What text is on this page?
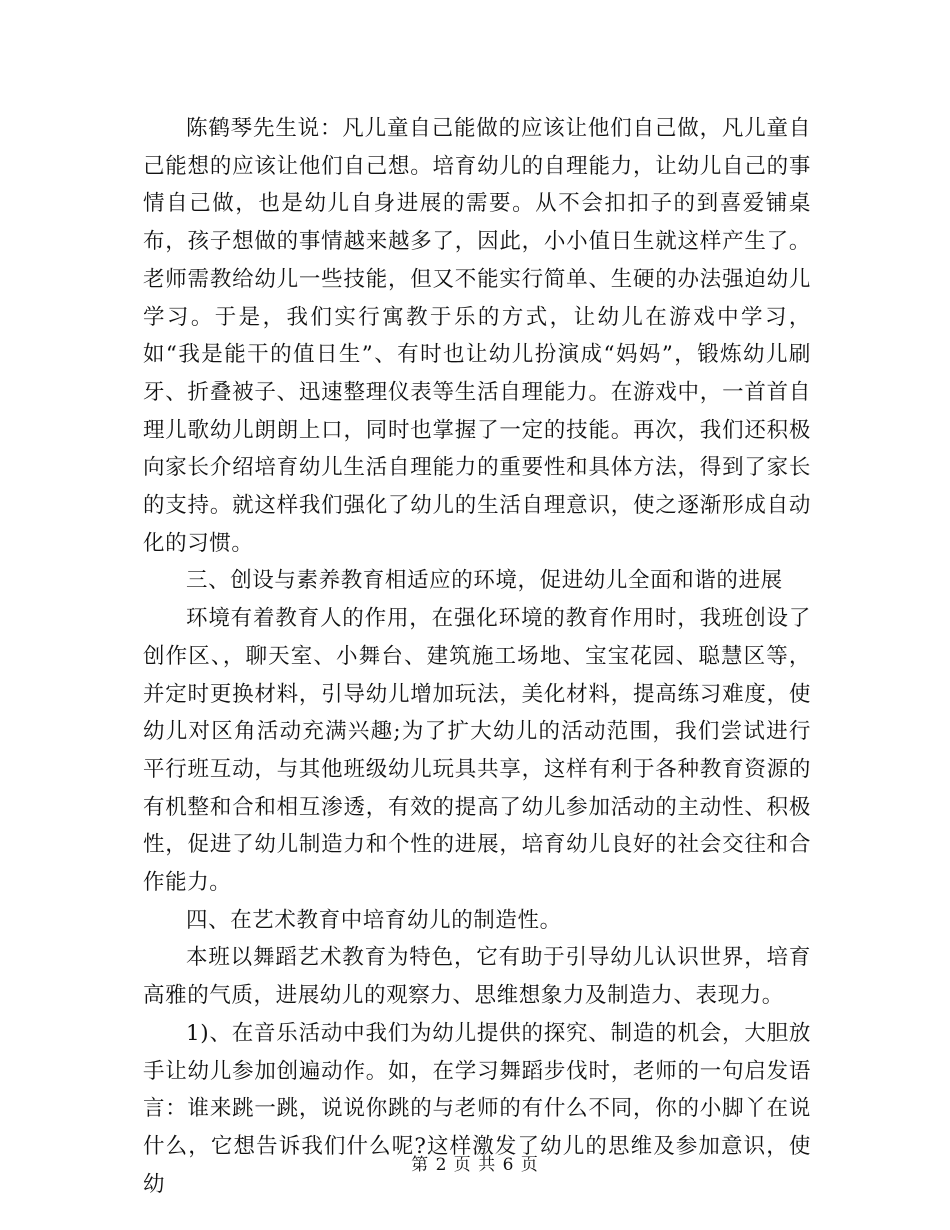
陈鹤琴先生说：凡儿童自己能做的应该让他们自己做，凡儿童自己能想的应该让他们自己想。培育幼儿的自理能力，让幼儿自己的事情自己做，也是幼儿自身进展的需要。从不会扣扣子的到喜爱铺桌布，孩子想做的事情越来越多了，因此，小小值日生就这样产生了。老师需教给幼儿一些技能，但又不能实行简单、生硬的办法强迫幼儿学习。于是，我们实行寓教于乐的方式，让幼儿在游戏中学习，如“我是能干的值日生”、有时也让幼儿扮演成“妈妈”，锻炼幼儿刷牙、折叠被子、迅速整理仪表等生活自理能力。在游戏中，一首首自理儿歌幼儿朗朗上口，同时也掌握了一定的技能。再次，我们还积极向家长介绍培育幼儿生活自理能力的重要性和具体方法，得到了家长的支持。就这样我们强化了幼儿的生活自理意识，使之逐渐形成自动化的习惯。

三、创设与素养教育相适应的环境，促进幼儿全面和谐的进展

环境有着教育人的作用，在强化环境的教育作用时，我班创设了创作区、，聊天室、小舞台、建筑施工场地、宝宝花园、聪慧区等，并定时更换材料，引导幼儿增加玩法，美化材料，提高练习难度，使幼儿对区角活动充满兴趣;为了扩大幼儿的活动范围，我们尝试进行平行班互动，与其他班级幼儿玩具共享，这样有利于各种教育资源的有机整和合和相互渗透，有效的提高了幼儿参加活动的主动性、积极性，促进了幼儿制造力和个性的进展，培育幼儿良好的社会交往和合作能力。

四、在艺术教育中培育幼儿的制造性。

本班以舞蹈艺术教育为特色，它有助于引导幼儿认识世界，培育高雅的气质，进展幼儿的观察力、思维想象力及制造力、表现力。

1)、在音乐活动中我们为幼儿提供的探究、制造的机会，大胆放手让幼儿参加创遍动作。如，在学习舞蹈步伐时，老师的一句启发语言：谁来跳一跳，说说你跳的与老师的有什么不同，你的小脚丫在说什么，它想告诉我们什么呢?这样激发了幼儿的思维及参加意识，使幼

第 2 页 共 6 页
